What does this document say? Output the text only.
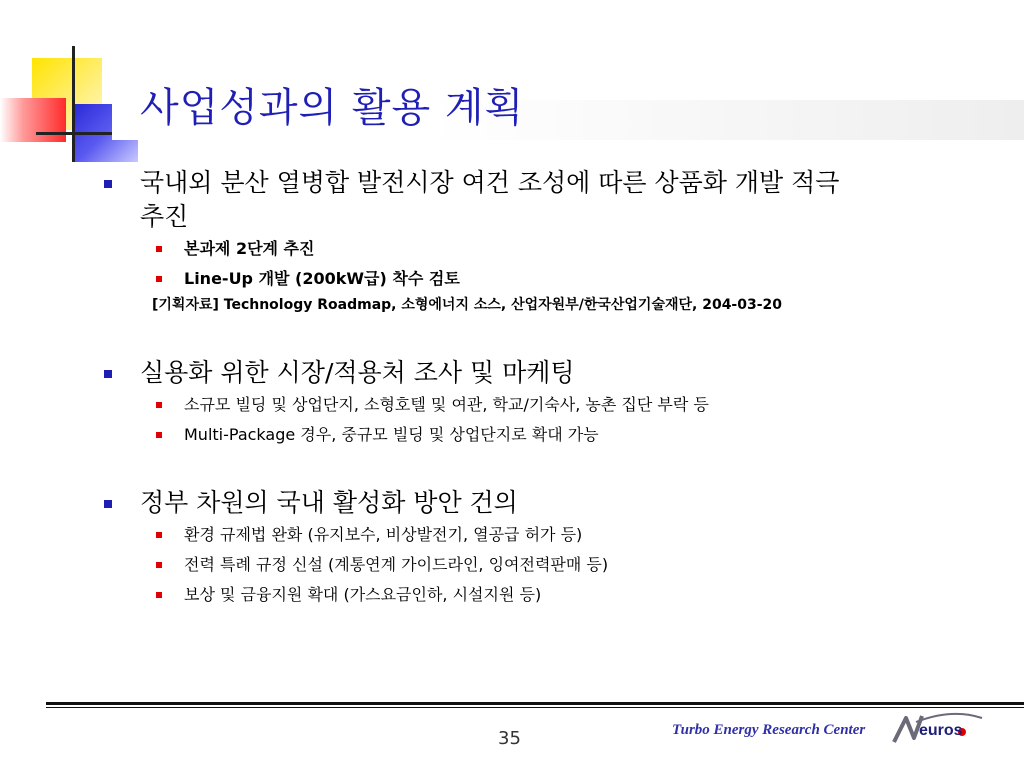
사업성과의 활용 계획
국내외 분산 열병합 발전시장 여건 조성에 따른 상품화 개발 적극
추진
본과제 2단계 추진
Line-Up 개발 (200kW급) 착수 검토
[기획자료] Technology Roadmap, 소형에너지 소스, 산업자원부/한국산업기술재단, 204-03-20
실용화 위한 시장/적용처 조사 및 마케팅
소규모 빌딩 및 상업단지, 소형호텔 및 여관, 학교/기숙사, 농촌 집단 부락 등
Multi-Package 경우, 중규모 빌딩 및 상업단지로 확대 가능
정부 차원의 국내 활성화 방안 건의
환경 규제법 완화 (유지보수, 비상발전기, 열공급 허가 등)
전력 특례 규정 신설 (계통연계 가이드라인, 잉여전력판매 등)
보상 및 금융지원 확대 (가스요금인하, 시설지원 등)
35	Turbo Energy Research Center	euros
